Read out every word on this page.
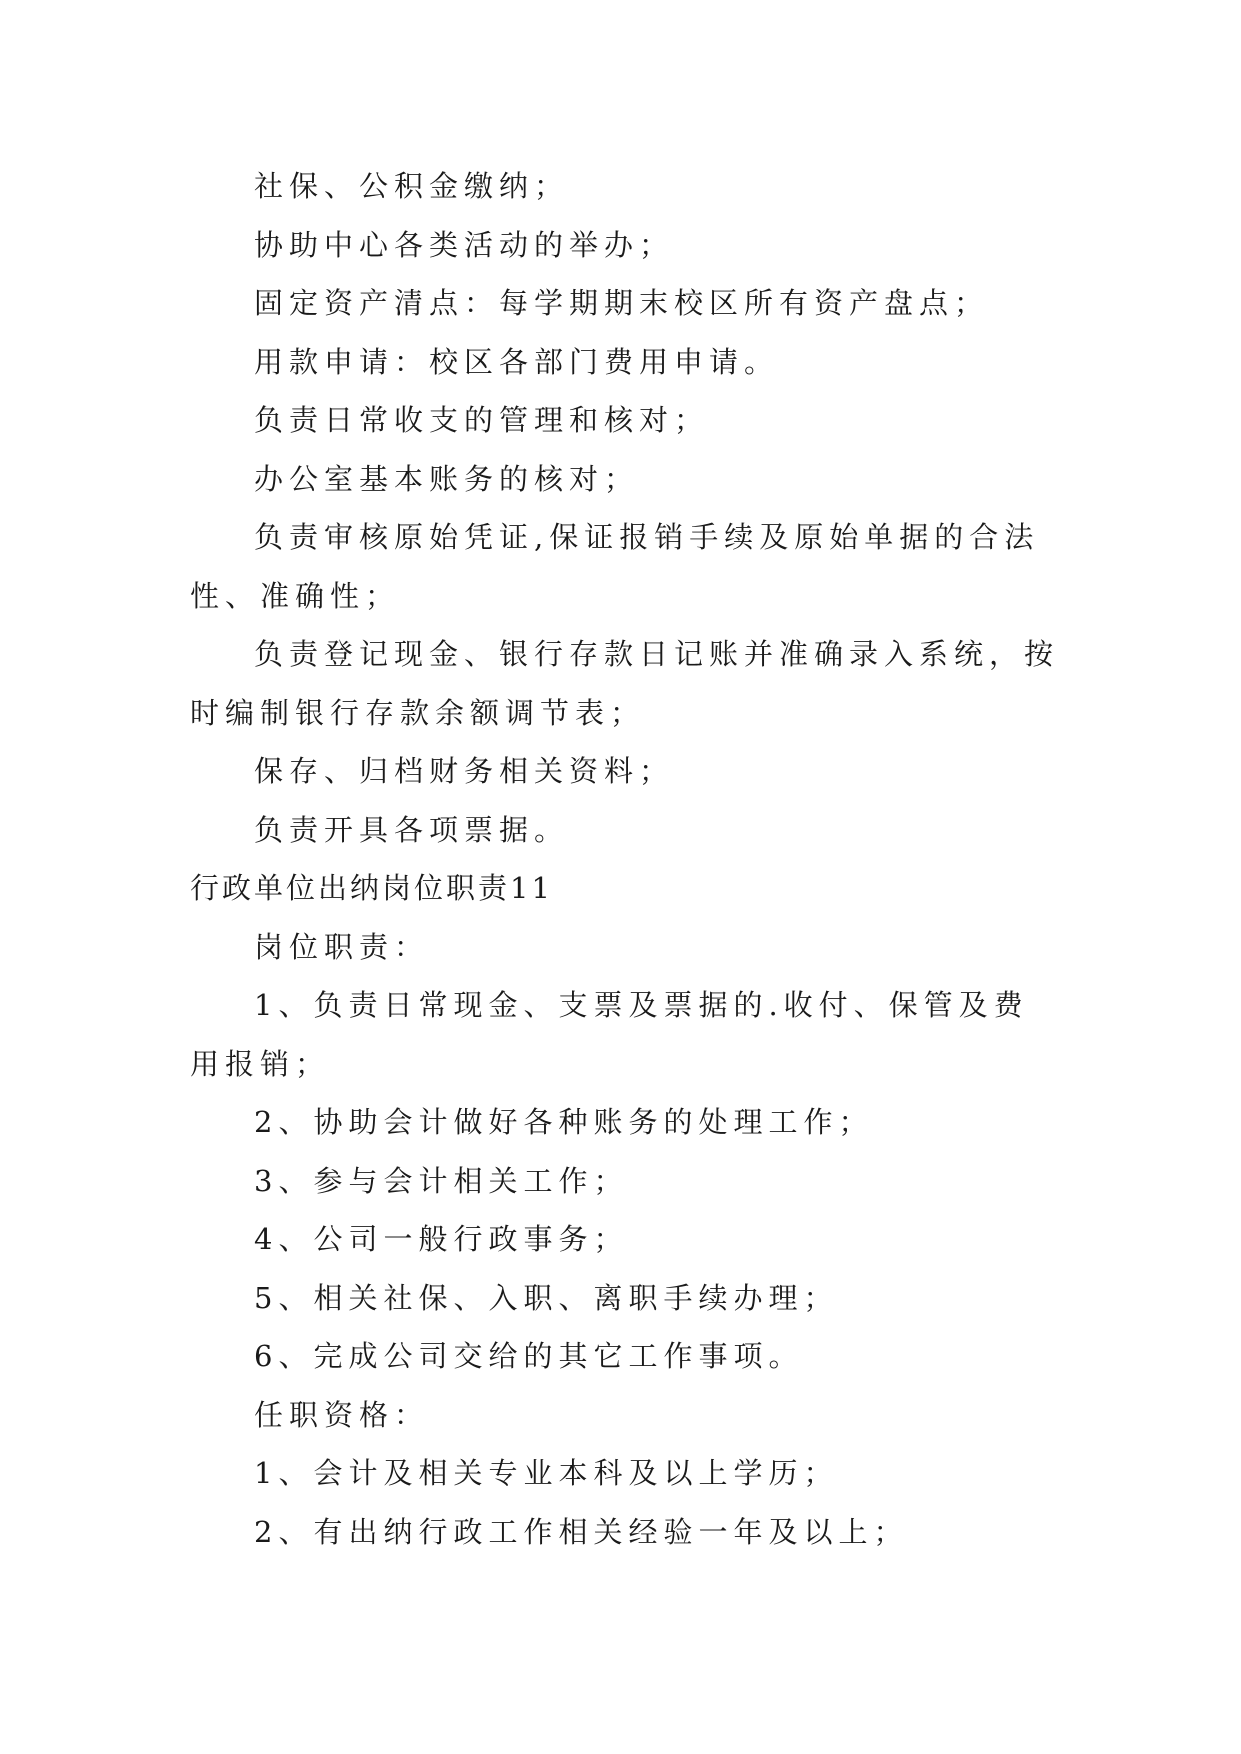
社保、公积金缴纳；

协助中心各类活动的举办；

固定资产清点：每学期期末校区所有资产盘点；

用款申请：校区各部门费用申请。

负责日常收支的管理和核对；

办公室基本账务的核对；

负责审核原始凭证,保证报销手续及原始单据的合法性、准确性；

负责登记现金、银行存款日记账并准确录入系统，按时编制银行存款余额调节表；

保存、归档财务相关资料；

负责开具各项票据。

行政单位出纳岗位职责11

岗位职责：

1、负责日常现金、支票及票据的.收付、保管及费用报销；

2、协助会计做好各种账务的处理工作；

3、参与会计相关工作；

4、公司一般行政事务；

5、相关社保、入职、离职手续办理；

6、完成公司交给的其它工作事项。

任职资格：

1、会计及相关专业本科及以上学历；

2、有出纳行政工作相关经验一年及以上；
